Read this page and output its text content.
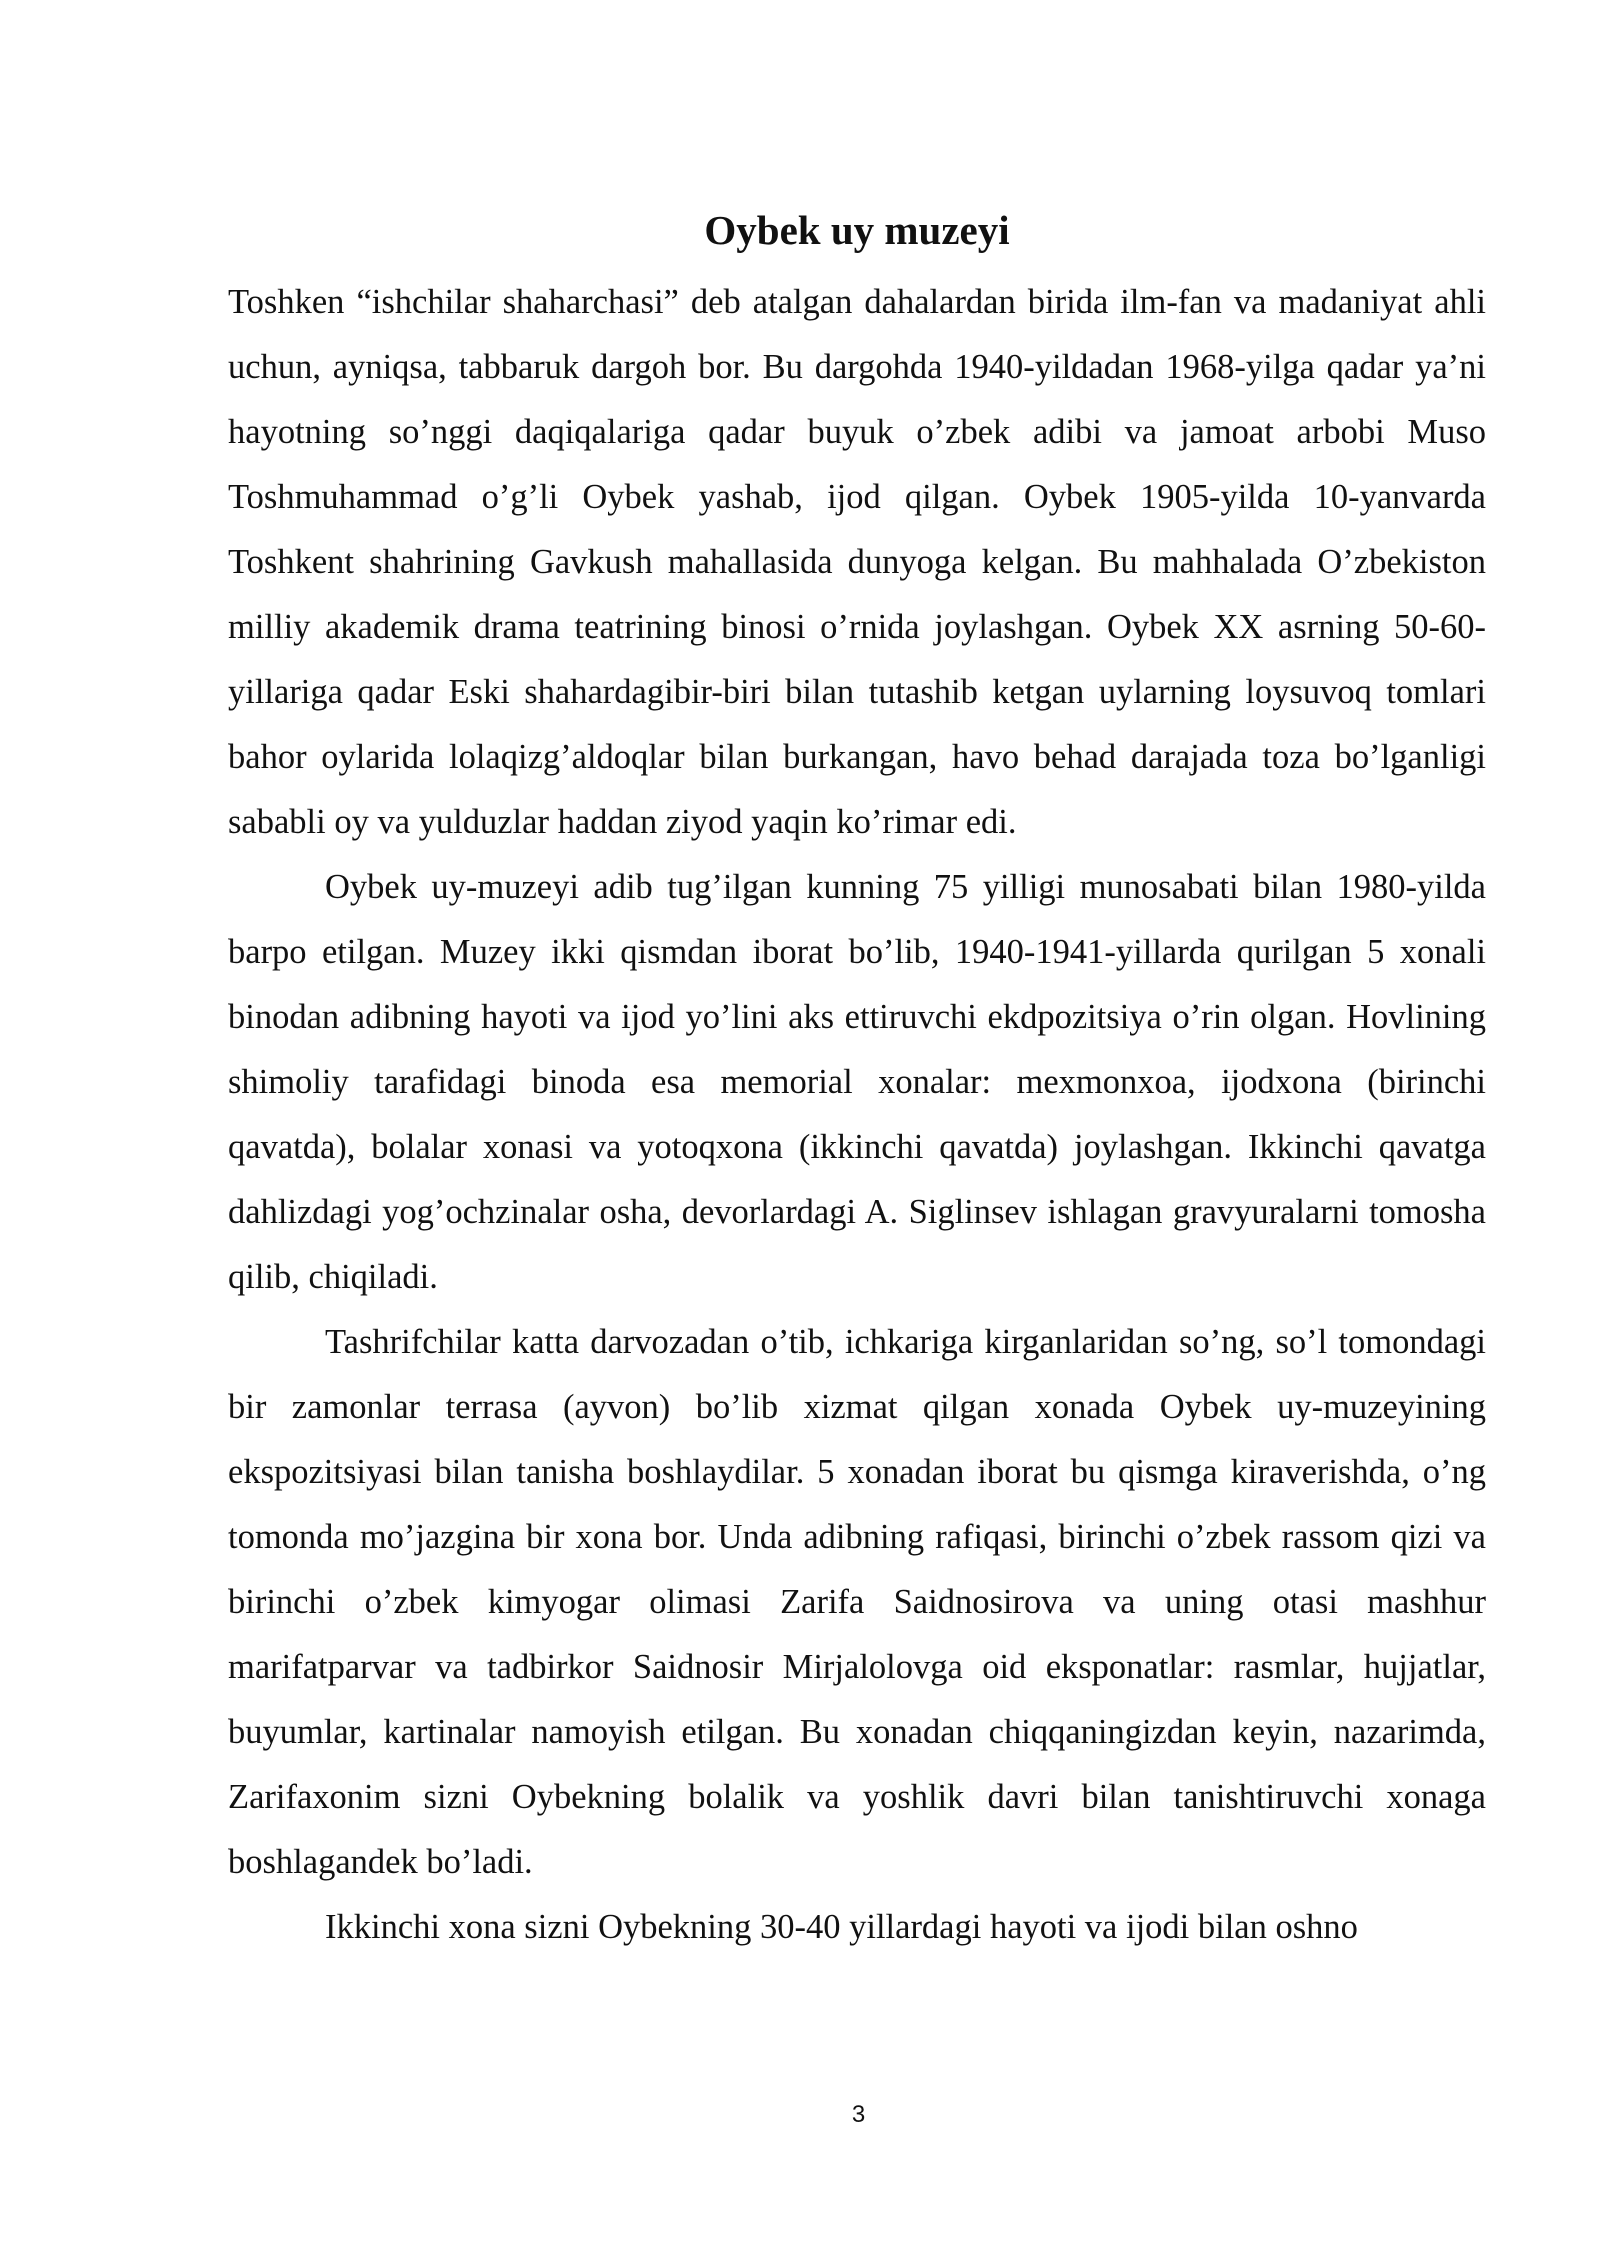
Oybek uy muzeyi

Toshken “ishchilar shaharchasi” deb atalgan dahalardan birida ilm-fan va madaniyat ahli uchun, ayniqsa, tabbaruk dargoh bor. Bu dargohda 1940-yildadan 1968-yilga qadar ya’ni hayotning so’nggi daqiqalariga qadar buyuk o’zbek adibi va jamoat arbobi Muso Toshmuhammad o’g’li Oybek yashab, ijod qilgan. Oybek 1905-yilda 10-yanvarda Toshkent shahrining Gavkush mahallasida dunyoga kelgan. Bu mahhalada O’zbekiston milliy akademik drama teatrining binosi o’rnida joylashgan. Oybek XX asrning 50-60- yillariga qadar Eski shahardagibir-biri bilan tutashib ketgan uylarning loysuvoq tomlari bahor oylarida lolaqizg’aldoqlar bilan burkangan, havo behad darajada toza bo’lganligi sababli oy va yulduzlar haddan ziyod yaqin ko’rimar edi.

Oybek uy-muzeyi adib tug’ilgan kunning 75 yilligi munosabati bilan 1980-yilda barpo etilgan. Muzey ikki qismdan iborat bo’lib, 1940-1941-yillarda qurilgan 5 xonali binodan adibning hayoti va ijod yo’lini aks ettiruvchi ekdpozitsiya o’rin olgan. Hovlining shimoliy tarafidagi binoda esa memorial xonalar: mexmonxoa, ijodxona (birinchi qavatda), bolalar xonasi va yotoqxona (ikkinchi qavatda) joylashgan. Ikkinchi qavatga dahlizdagi yog’ochzinalar osha, devorlardagi A. Siglinsev ishlagan gravyuralarni tomosha qilib, chiqiladi.

Tashrifchilar katta darvozadan o’tib, ichkariga kirganlaridan so’ng, so’l tomondagi bir zamonlar terrasa (ayvon) bo’lib xizmat qilgan xonada Oybek uy-muzeyining ekspozitsiyasi bilan tanisha boshlaydilar. 5 xonadan iborat bu qismga kiraverishda, o’ng tomonda mo’jazgina bir xona bor. Unda adibning rafiqasi, birinchi o’zbek rassom qizi va birinchi o’zbek kimyogar olimasi Zarifa Saidnosirova va uning otasi mashhur marifatparvar va tadbirkor Saidnosir Mirjalolovga oid eksponatlar: rasmlar, hujjatlar, buyumlar, kartinalar namoyish etilgan. Bu xonadan chiqqaningizdan keyin, nazarimda, Zarifaxonim sizni Oybekning bolalik va yoshlik davri bilan tanishtiruvchi xonaga boshlagandek bo’ladi.

Ikkinchi xona sizni Oybekning 30-40 yillardagi hayoti va ijodi bilan oshno

3
